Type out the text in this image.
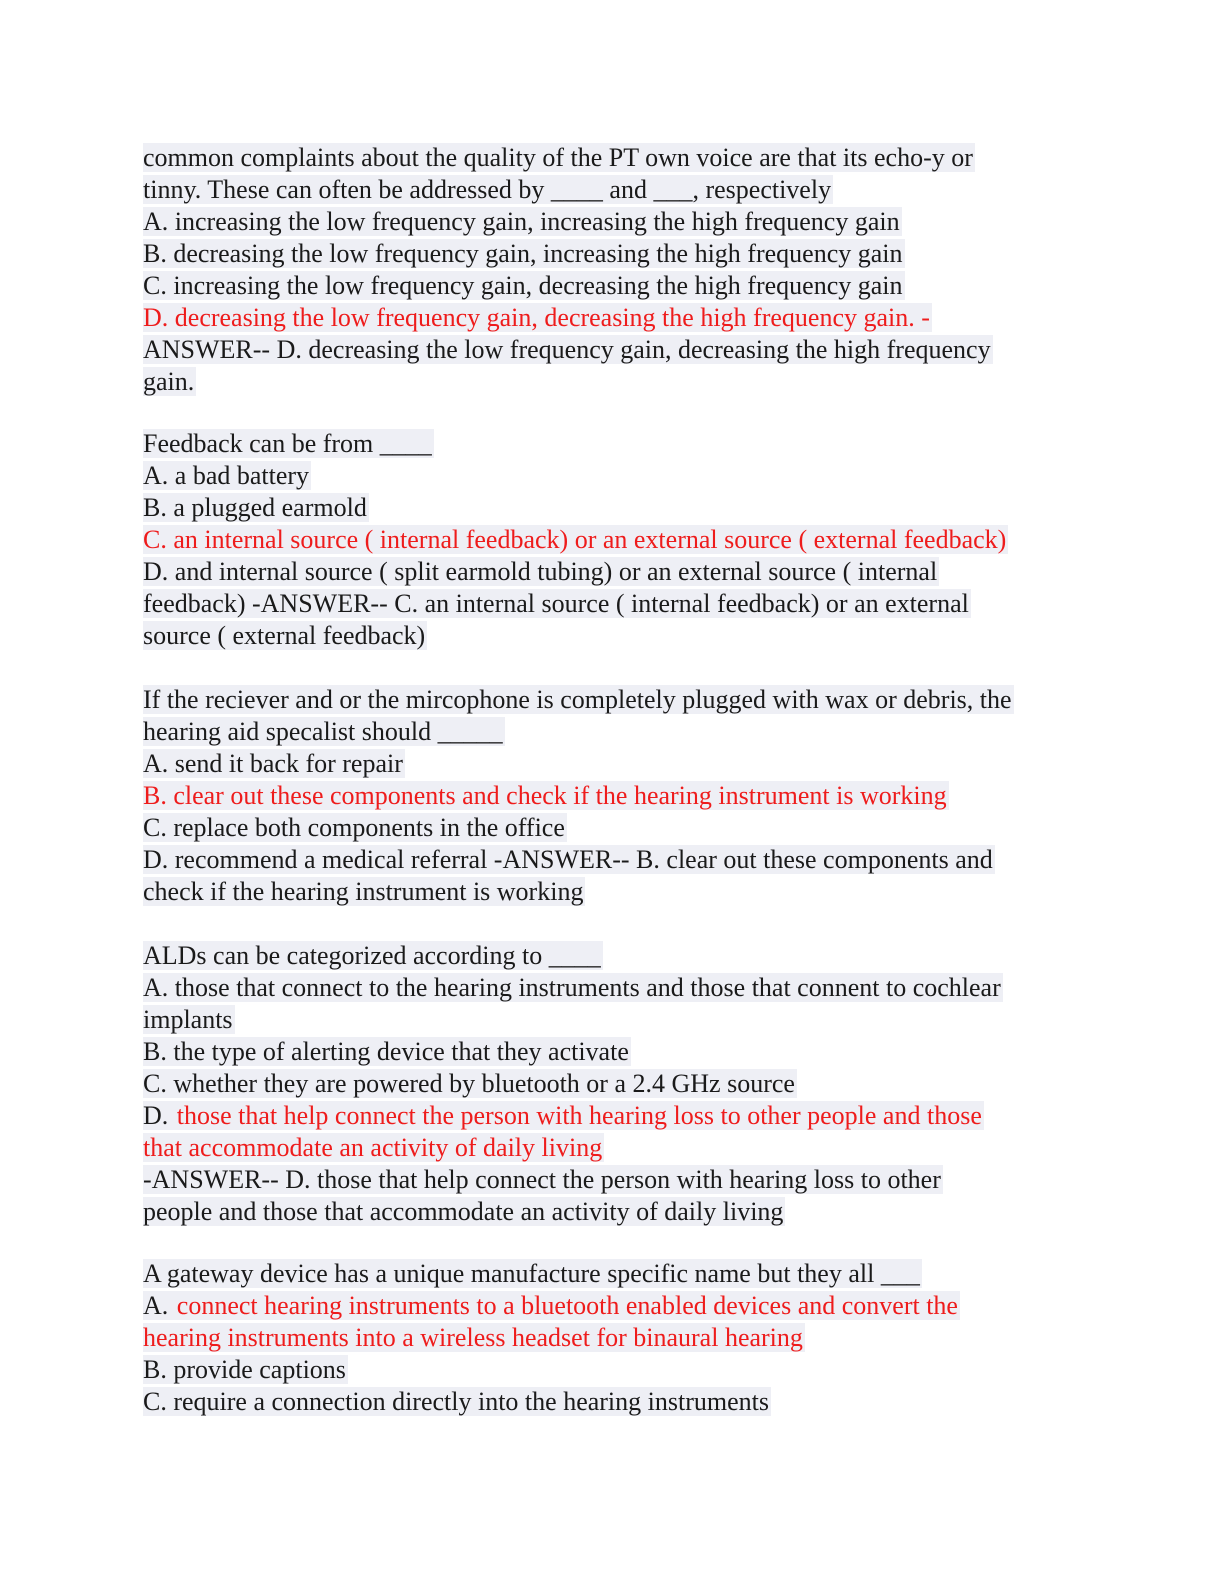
common complaints about the quality of the PT own voice are that its echo-y or
tinny. These can often be addressed by ____ and ___, respectively
A. increasing the low frequency gain, increasing the high frequency gain
B. decreasing the low frequency gain, increasing the high frequency gain
C. increasing the low frequency gain, decreasing the high frequency gain
D. decreasing the low frequency gain, decreasing the high frequency gain. -
ANSWER-- D. decreasing the low frequency gain, decreasing the high frequency
gain.
Feedback can be from ____
A. a bad battery
B. a plugged earmold
C. an internal source ( internal feedback) or an external source ( external feedback)
D. and internal source ( split earmold tubing) or an external source ( internal
feedback) -ANSWER-- C. an internal source ( internal feedback) or an external
source ( external feedback)
If the reciever and or the mircophone is completely plugged with wax or debris, the
hearing aid specalist should _____
A. send it back for repair
B. clear out these components and check if the hearing instrument is working
C. replace both components in the office
D. recommend a medical referral -ANSWER-- B. clear out these components and
check if the hearing instrument is working
ALDs can be categorized according to ____
A. those that connect to the hearing instruments and those that connent to cochlear
implants
B. the type of alerting device that they activate
C. whether they are powered by bluetooth or a 2.4 GHz source
D. those that help connect the person with hearing loss to other people and those
that accommodate an activity of daily living
-ANSWER-- D. those that help connect the person with hearing loss to other
people and those that accommodate an activity of daily living
A gateway device has a unique manufacture specific name but they all ___
A. connect hearing instruments to a bluetooth enabled devices and convert the
hearing instruments into a wireless headset for binaural hearing
B. provide captions
C. require a connection directly into the hearing instruments
